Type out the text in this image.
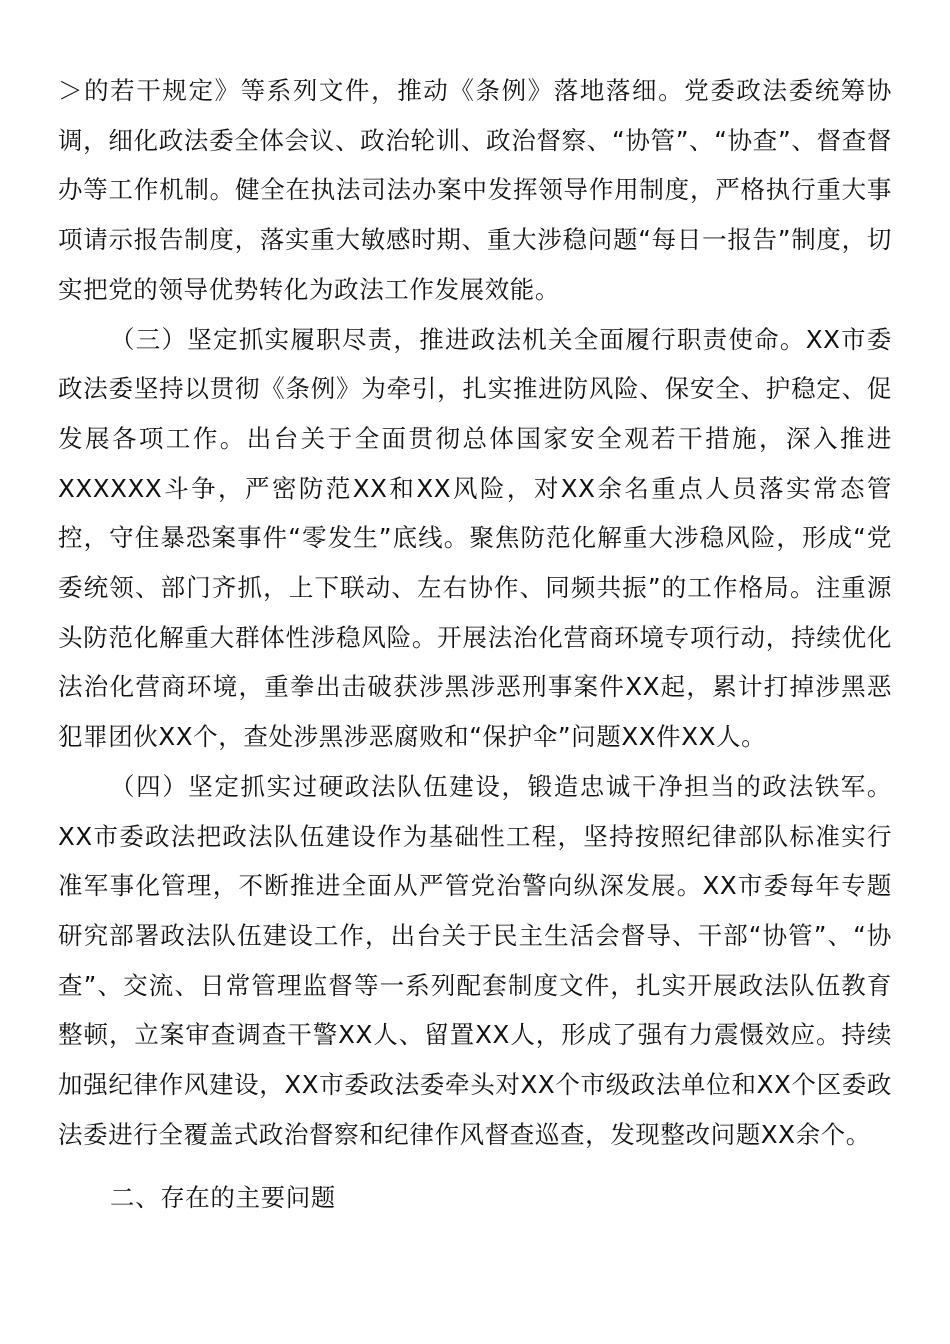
＞的若干规定》等系列文件，推动《条例》落地落细。党委政法委统筹协调，细化政法委全体会议、政治轮训、政治督察、“协管”、“协查”、督查督办等工作机制。健全在执法司法办案中发挥领导作用制度，严格执行重大事项请示报告制度，落实重大敏感时期、重大涉稳问题“每日一报告”制度，切实把党的领导优势转化为政法工作发展效能。

（三）坚定抓实履职尽责，推进政法机关全面履行职责使命。XX市委政法委坚持以贯彻《条例》为牵引，扎实推进防风险、保安全、护稳定、促发展各项工作。出台关于全面贯彻总体国家安全观若干措施，深入推进XXXXXX斗争，严密防范XX和XX风险，对XX余名重点人员落实常态管控，守住暴恐案事件“零发生”底线。聚焦防范化解重大涉稳风险，形成“党委统领、部门齐抓，上下联动、左右协作、同频共振”的工作格局。注重源头防范化解重大群体性涉稳风险。开展法治化营商环境专项行动，持续优化法治化营商环境，重拳出击破获涉黑涉恶刑事案件XX起，累计打掉涉黑恶犯罪团伙XX个，查处涉黑涉恶腐败和“保护伞”问题XX件XX人。

（四）坚定抓实过硬政法队伍建设，锻造忠诚干净担当的政法铁军。XX市委政法把政法队伍建设作为基础性工程，坚持按照纪律部队标准实行准军事化管理，不断推进全面从严管党治警向纵深发展。XX市委每年专题研究部署政法队伍建设工作，出台关于民主生活会督导、干部“协管”、“协查”、交流、日常管理监督等一系列配套制度文件，扎实开展政法队伍教育整顿，立案审查调查干警XX人、留置XX人，形成了强有力震慑效应。持续加强纪律作风建设，XX市委政法委牵头对XX个市级政法单位和XX个区委政法委进行全覆盖式政治督察和纪律作风督查巡查，发现整改问题XX余个。

二、存在的主要问题
